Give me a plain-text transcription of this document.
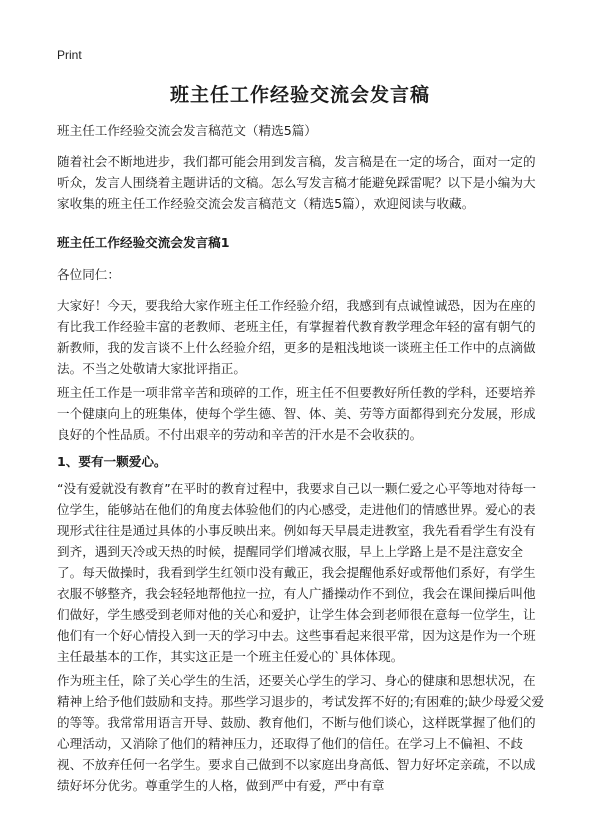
Print
班主任工作经验交流会发言稿

班主任工作经验交流会发言稿范文（精选5篇）

随着社会不断地进步，我们都可能会用到发言稿，发言稿是在一定的场合，面对一定的听众，发言人围绕着主题讲话的文稿。怎么写发言稿才能避免踩雷呢？以下是小编为大家收集的班主任工作经验交流会发言稿范文（精选5篇），欢迎阅读与收藏。

班主任工作经验交流会发言稿1

各位同仁：

大家好！今天，要我给大家作班主任工作经验介绍，我感到有点诚惶诚恐，因为在座的有比我工作经验丰富的老教师、老班主任，有掌握着代教育教学理念年轻的富有朝气的新教师，我的发言谈不上什么经验介绍，更多的是粗浅地谈一谈班主任工作中的点滴做法。不当之处敬请大家批评指正。

班主任工作是一项非常辛苦和琐碎的工作，班主任不但要教好所任教的学科，还要培养一个健康向上的班集体，使每个学生德、智、体、美、劳等方面都得到充分发展，形成良好的个性品质。不付出艰辛的劳动和辛苦的汗水是不会收获的。

1、要有一颗爱心。

“没有爱就没有教育”在平时的教育过程中，我要求自己以一颗仁爱之心平等地对待每一位学生，能够站在他们的角度去体验他们的内心感受，走进他们的情感世界。爱心的表现形式往往是通过具体的小事反映出来。例如每天早晨走进教室，我先看看学生有没有到齐，遇到天冷或天热的时候，提醒同学们增减衣服，早上上学路上是不是注意安全了。每天做操时，我看到学生红领巾没有戴正，我会提醒他系好或帮他们系好，有学生衣服不够整齐，我会轻轻地帮他拉一拉，有人广播操动作不到位，我会在课间操后叫他们做好，学生感受到老师对他的关心和爱护，让学生体会到老师很在意每一位学生，让他们有一个好心情投入到一天的学习中去。这些事看起来很平常，因为这是作为一个班主任最基本的工作，其实这正是一个班主任爱心的`具体体现。

作为班主任，除了关心学生的生活，还要关心学生的学习、身心的健康和思想状况，在精神上给予他们鼓励和支持。那些学习退步的，考试发挥不好的;有困难的;缺少母爱父爱的等等。我常常用语言开导、鼓励、教育他们，不断与他们谈心，这样既掌握了他们的心理活动，又消除了他们的精神压力，还取得了他们的信任。在学习上不偏袒、不歧视、不放弃任何一名学生。要求自己做到不以家庭出身高低、智力好坏定亲疏，不以成绩好坏分优劣。尊重学生的人格，做到严中有爱，严中有章
